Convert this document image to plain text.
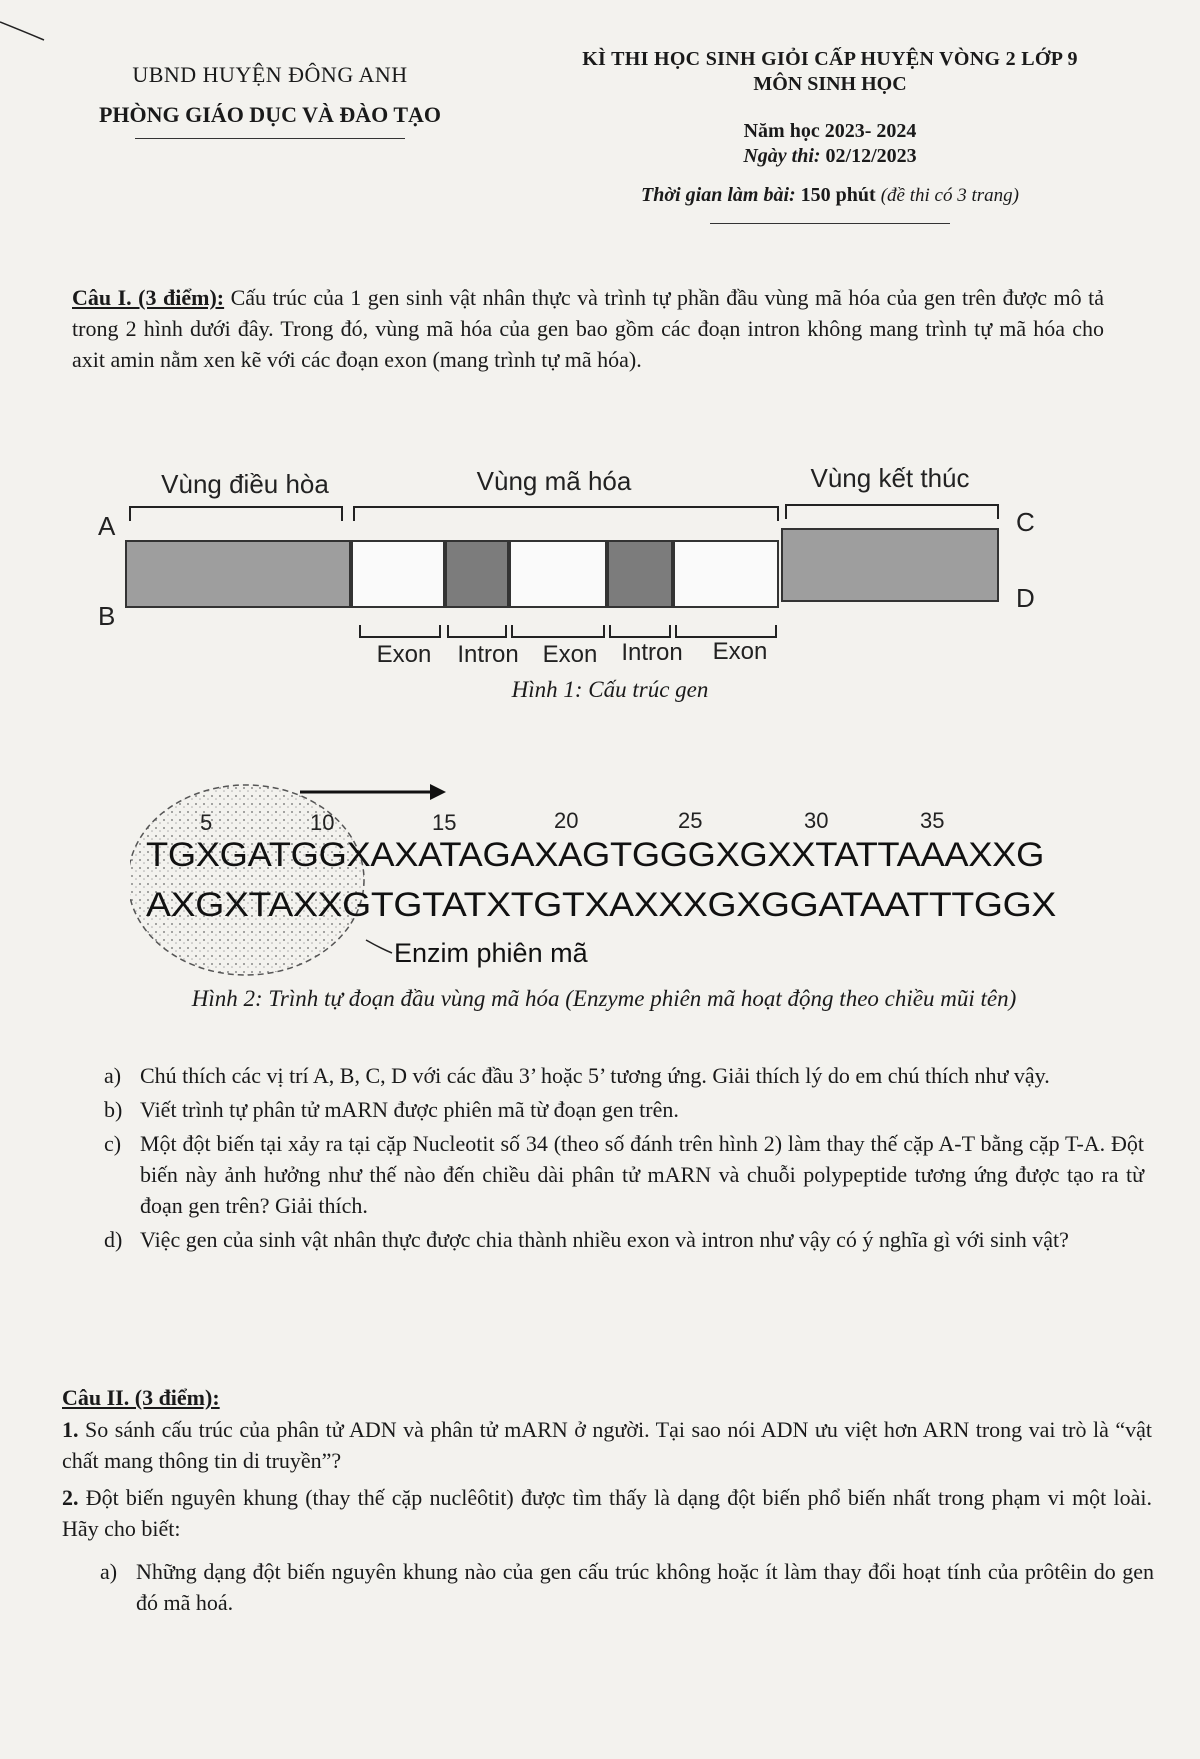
UBND HUYỆN ĐÔNG ANH
PHÒNG GIÁO DỤC VÀ ĐÀO TẠO
KÌ THI HỌC SINH GIỎI CẤP HUYỆN VÒNG 2 LỚP 9
MÔN SINH HỌC
Năm học 2023- 2024
Ngày thi: 02/12/2023
Thời gian làm bài: 150 phút (đề thi có 3 trang)
Câu I. (3 điểm): Cấu trúc của 1 gen sinh vật nhân thực và trình tự phần đầu vùng mã hóa của gen trên được mô tả trong 2 hình dưới đây. Trong đó, vùng mã hóa của gen bao gồm các đoạn intron không mang trình tự mã hóa cho axit amin nằm xen kẽ với các đoạn exon (mang trình tự mã hóa).
Vùng điều hòa	Vùng mã hóa	Vùng kết thúc
A
B
C
D
Exon Intron Exon Intron Exon
Hình 1: Cấu trúc gen
5	10	15	20	25	30	35
TGXGATGGXAXATAGAXAGTGGGXGXXTATTAAAXXG
AXGXTAXXGTGTATXTGTXAXXXGXGGATAATTTGGX
Enzim phiên mã
Hình 2: Trình tự đoạn đầu vùng mã hóa (Enzyme phiên mã hoạt động theo chiều mũi tên)
a) Chú thích các vị trí A, B, C, D với các đầu 3’ hoặc 5’ tương ứng. Giải thích lý do em chú thích như vậy.
b) Viết trình tự phân tử mARN được phiên mã từ đoạn gen trên.
c) Một đột biến tại xảy ra tại cặp Nucleotit số 34 (theo số đánh trên hình 2) làm thay thế cặp A-T bằng cặp T-A. Đột biến này ảnh hưởng như thế nào đến chiều dài phân tử mARN và chuỗi polypeptide tương ứng được tạo ra từ đoạn gen trên? Giải thích.
d) Việc gen của sinh vật nhân thực được chia thành nhiều exon và intron như vậy có ý nghĩa gì với sinh vật?
Câu II. (3 điểm):
1. So sánh cấu trúc của phân tử ADN và phân tử mARN ở người. Tại sao nói ADN ưu việt hơn ARN trong vai trò là “vật chất mang thông tin di truyền”?
2. Đột biến nguyên khung (thay thế cặp nuclêôtit) được tìm thấy là dạng đột biến phổ biến nhất trong phạm vi một loài. Hãy cho biết:
a) Những dạng đột biến nguyên khung nào của gen cấu trúc không hoặc ít làm thay đổi hoạt tính của prôtêin do gen đó mã hoá.
